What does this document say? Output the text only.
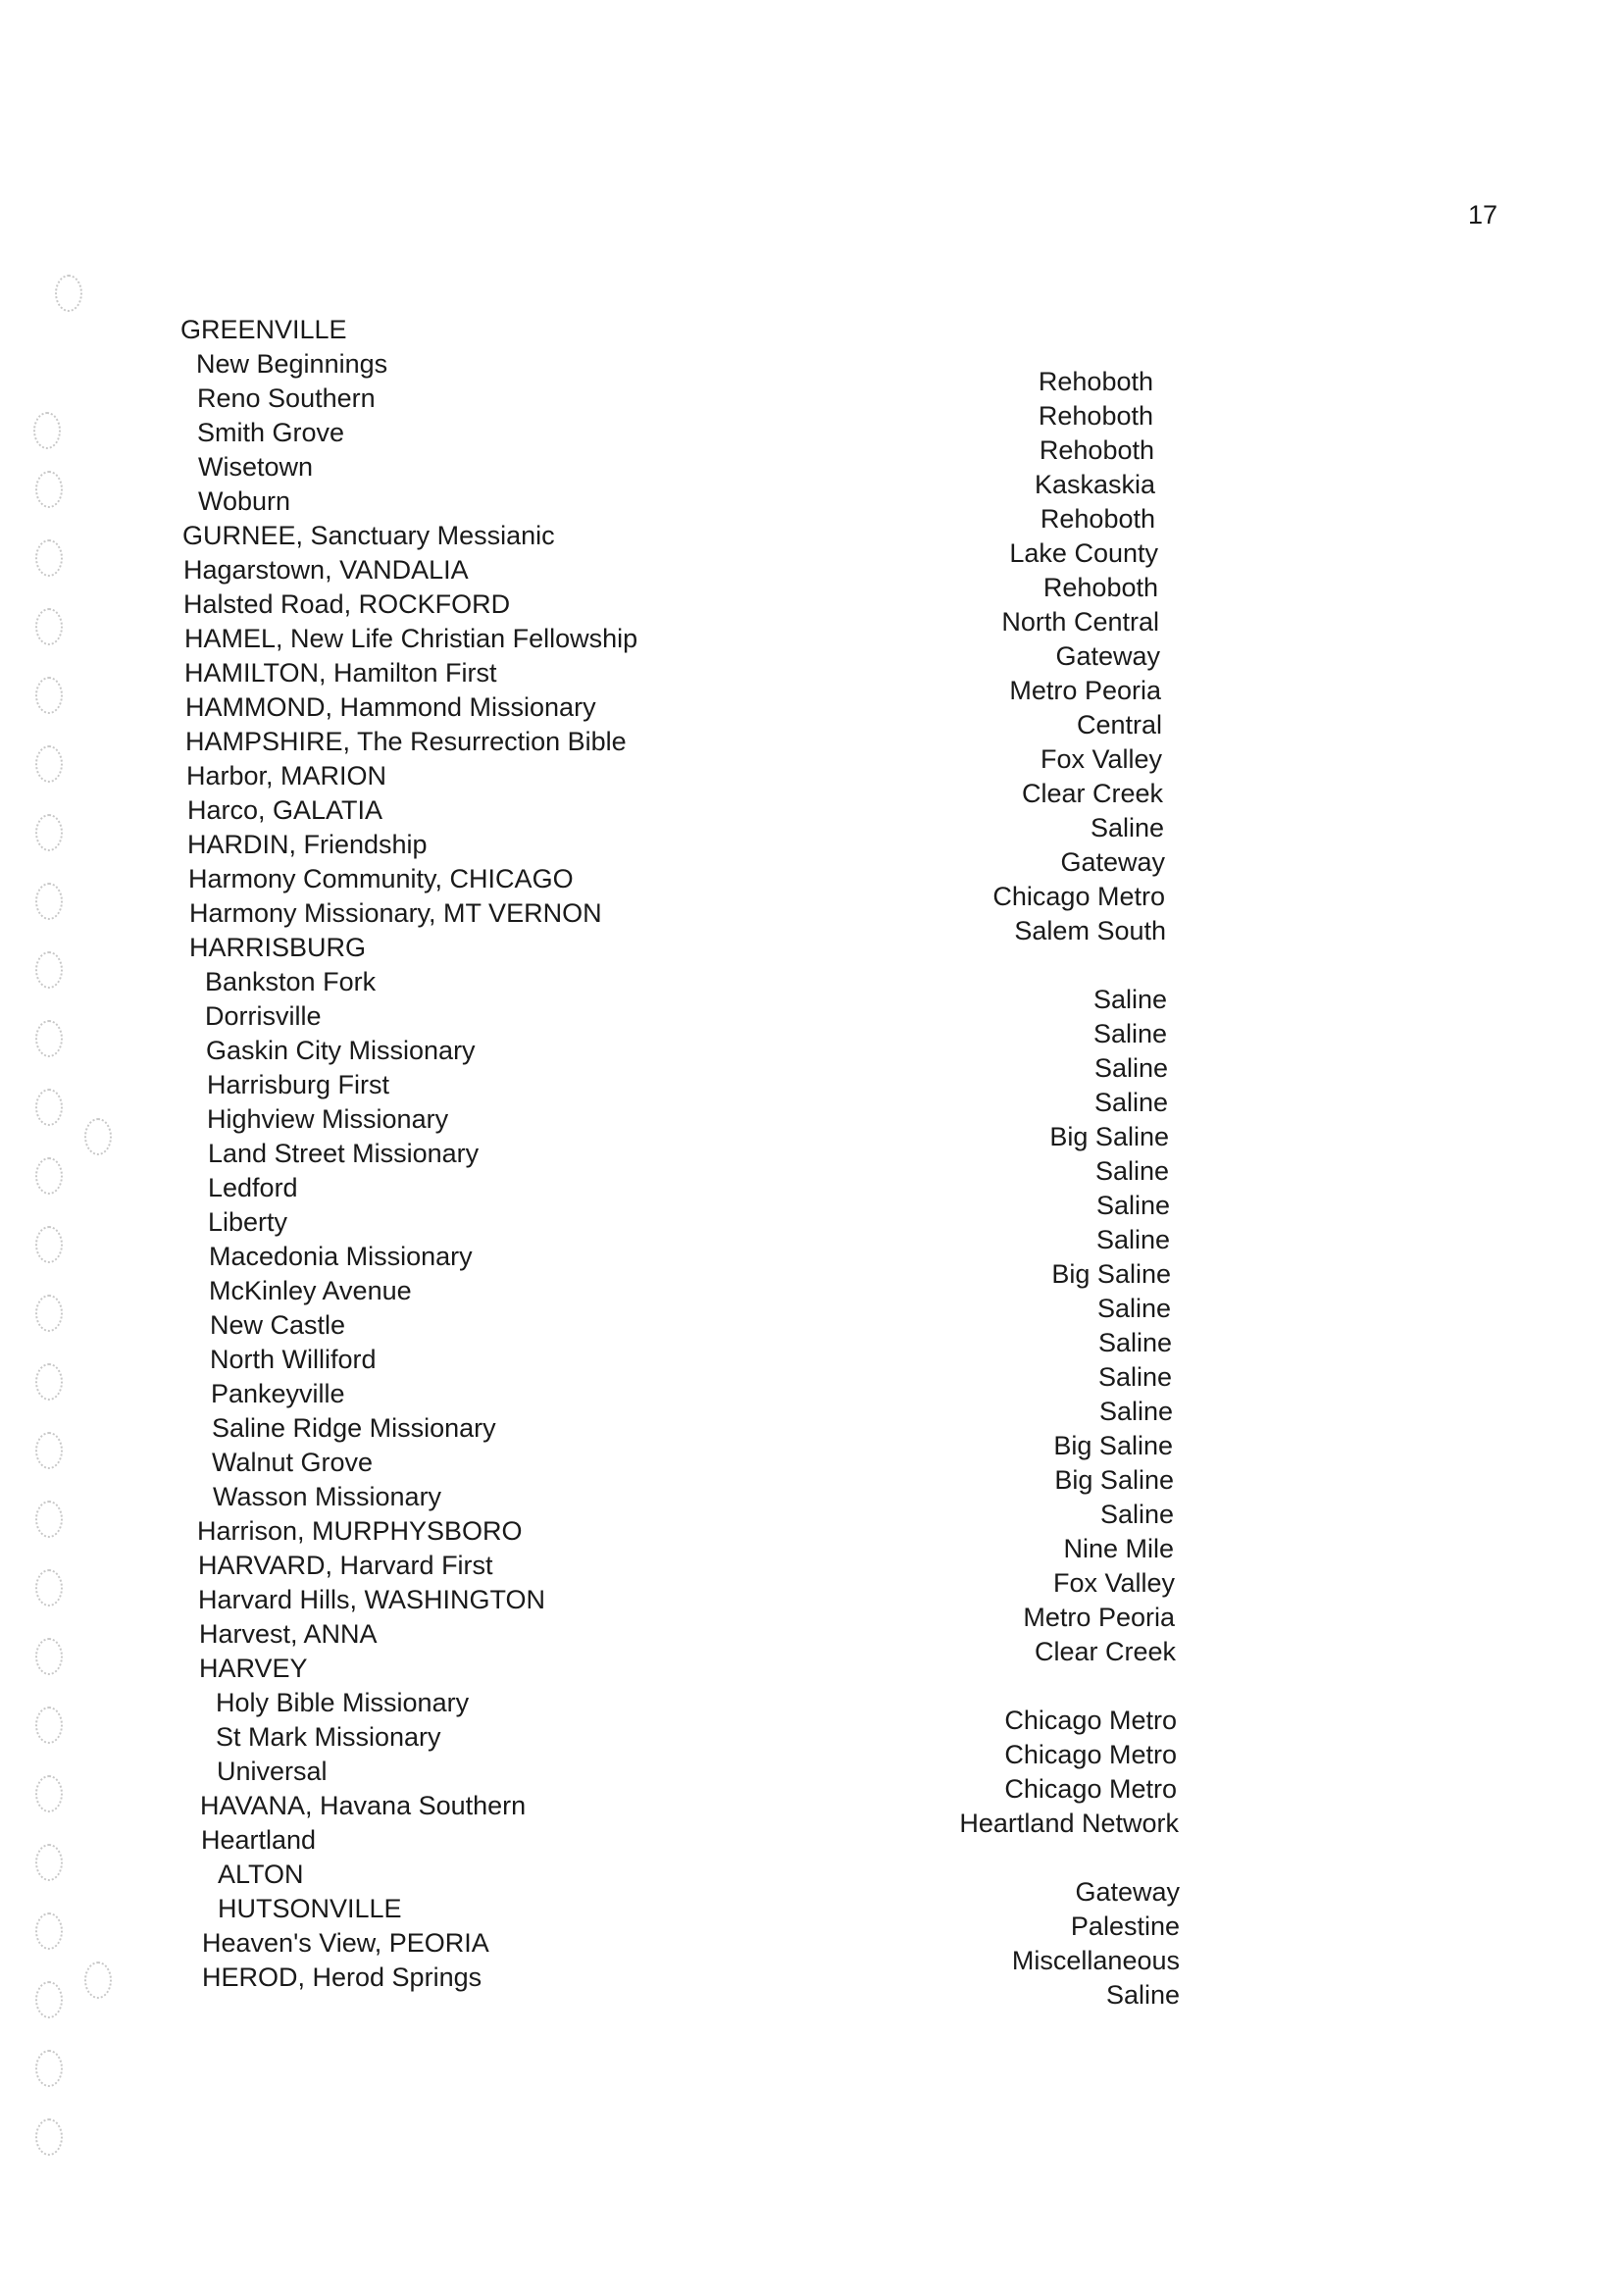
17
GREENVILLE
New Beginnings
Rehoboth
Reno Southern
Rehoboth
Smith Grove
Rehoboth
Wisetown
Kaskaskia
Woburn
Rehoboth
GURNEE, Sanctuary Messianic
Lake County
Hagarstown, VANDALIA
Rehoboth
Halsted Road, ROCKFORD
North Central
HAMEL, New Life Christian Fellowship
Gateway
HAMILTON, Hamilton First
Metro Peoria
HAMMOND, Hammond Missionary
Central
HAMPSHIRE, The Resurrection Bible
Fox Valley
Harbor, MARION
Clear Creek
Harco, GALATIA
Saline
HARDIN, Friendship
Gateway
Harmony Community, CHICAGO
Chicago Metro
Harmony Missionary, MT VERNON
Salem South
HARRISBURG
Bankston Fork
Saline
Dorrisville
Saline
Gaskin City Missionary
Saline
Harrisburg First
Saline
Highview Missionary
Big Saline
Land Street Missionary
Saline
Ledford
Saline
Liberty
Saline
Macedonia Missionary
Big Saline
McKinley Avenue
Saline
New Castle
Saline
North Williford
Saline
Pankeyville
Saline
Saline Ridge Missionary
Big Saline
Walnut Grove
Big Saline
Wasson Missionary
Saline
Harrison, MURPHYSBORO
Nine Mile
HARVARD, Harvard First
Fox Valley
Harvard Hills, WASHINGTON
Metro Peoria
Harvest, ANNA
Clear Creek
HARVEY
Holy Bible Missionary
Chicago Metro
St Mark Missionary
Chicago Metro
Universal
Chicago Metro
HAVANA, Havana Southern
Heartland Network
Heartland
ALTON
Gateway
HUTSONVILLE
Palestine
Heaven's View, PEORIA
Miscellaneous
HEROD, Herod Springs
Saline
